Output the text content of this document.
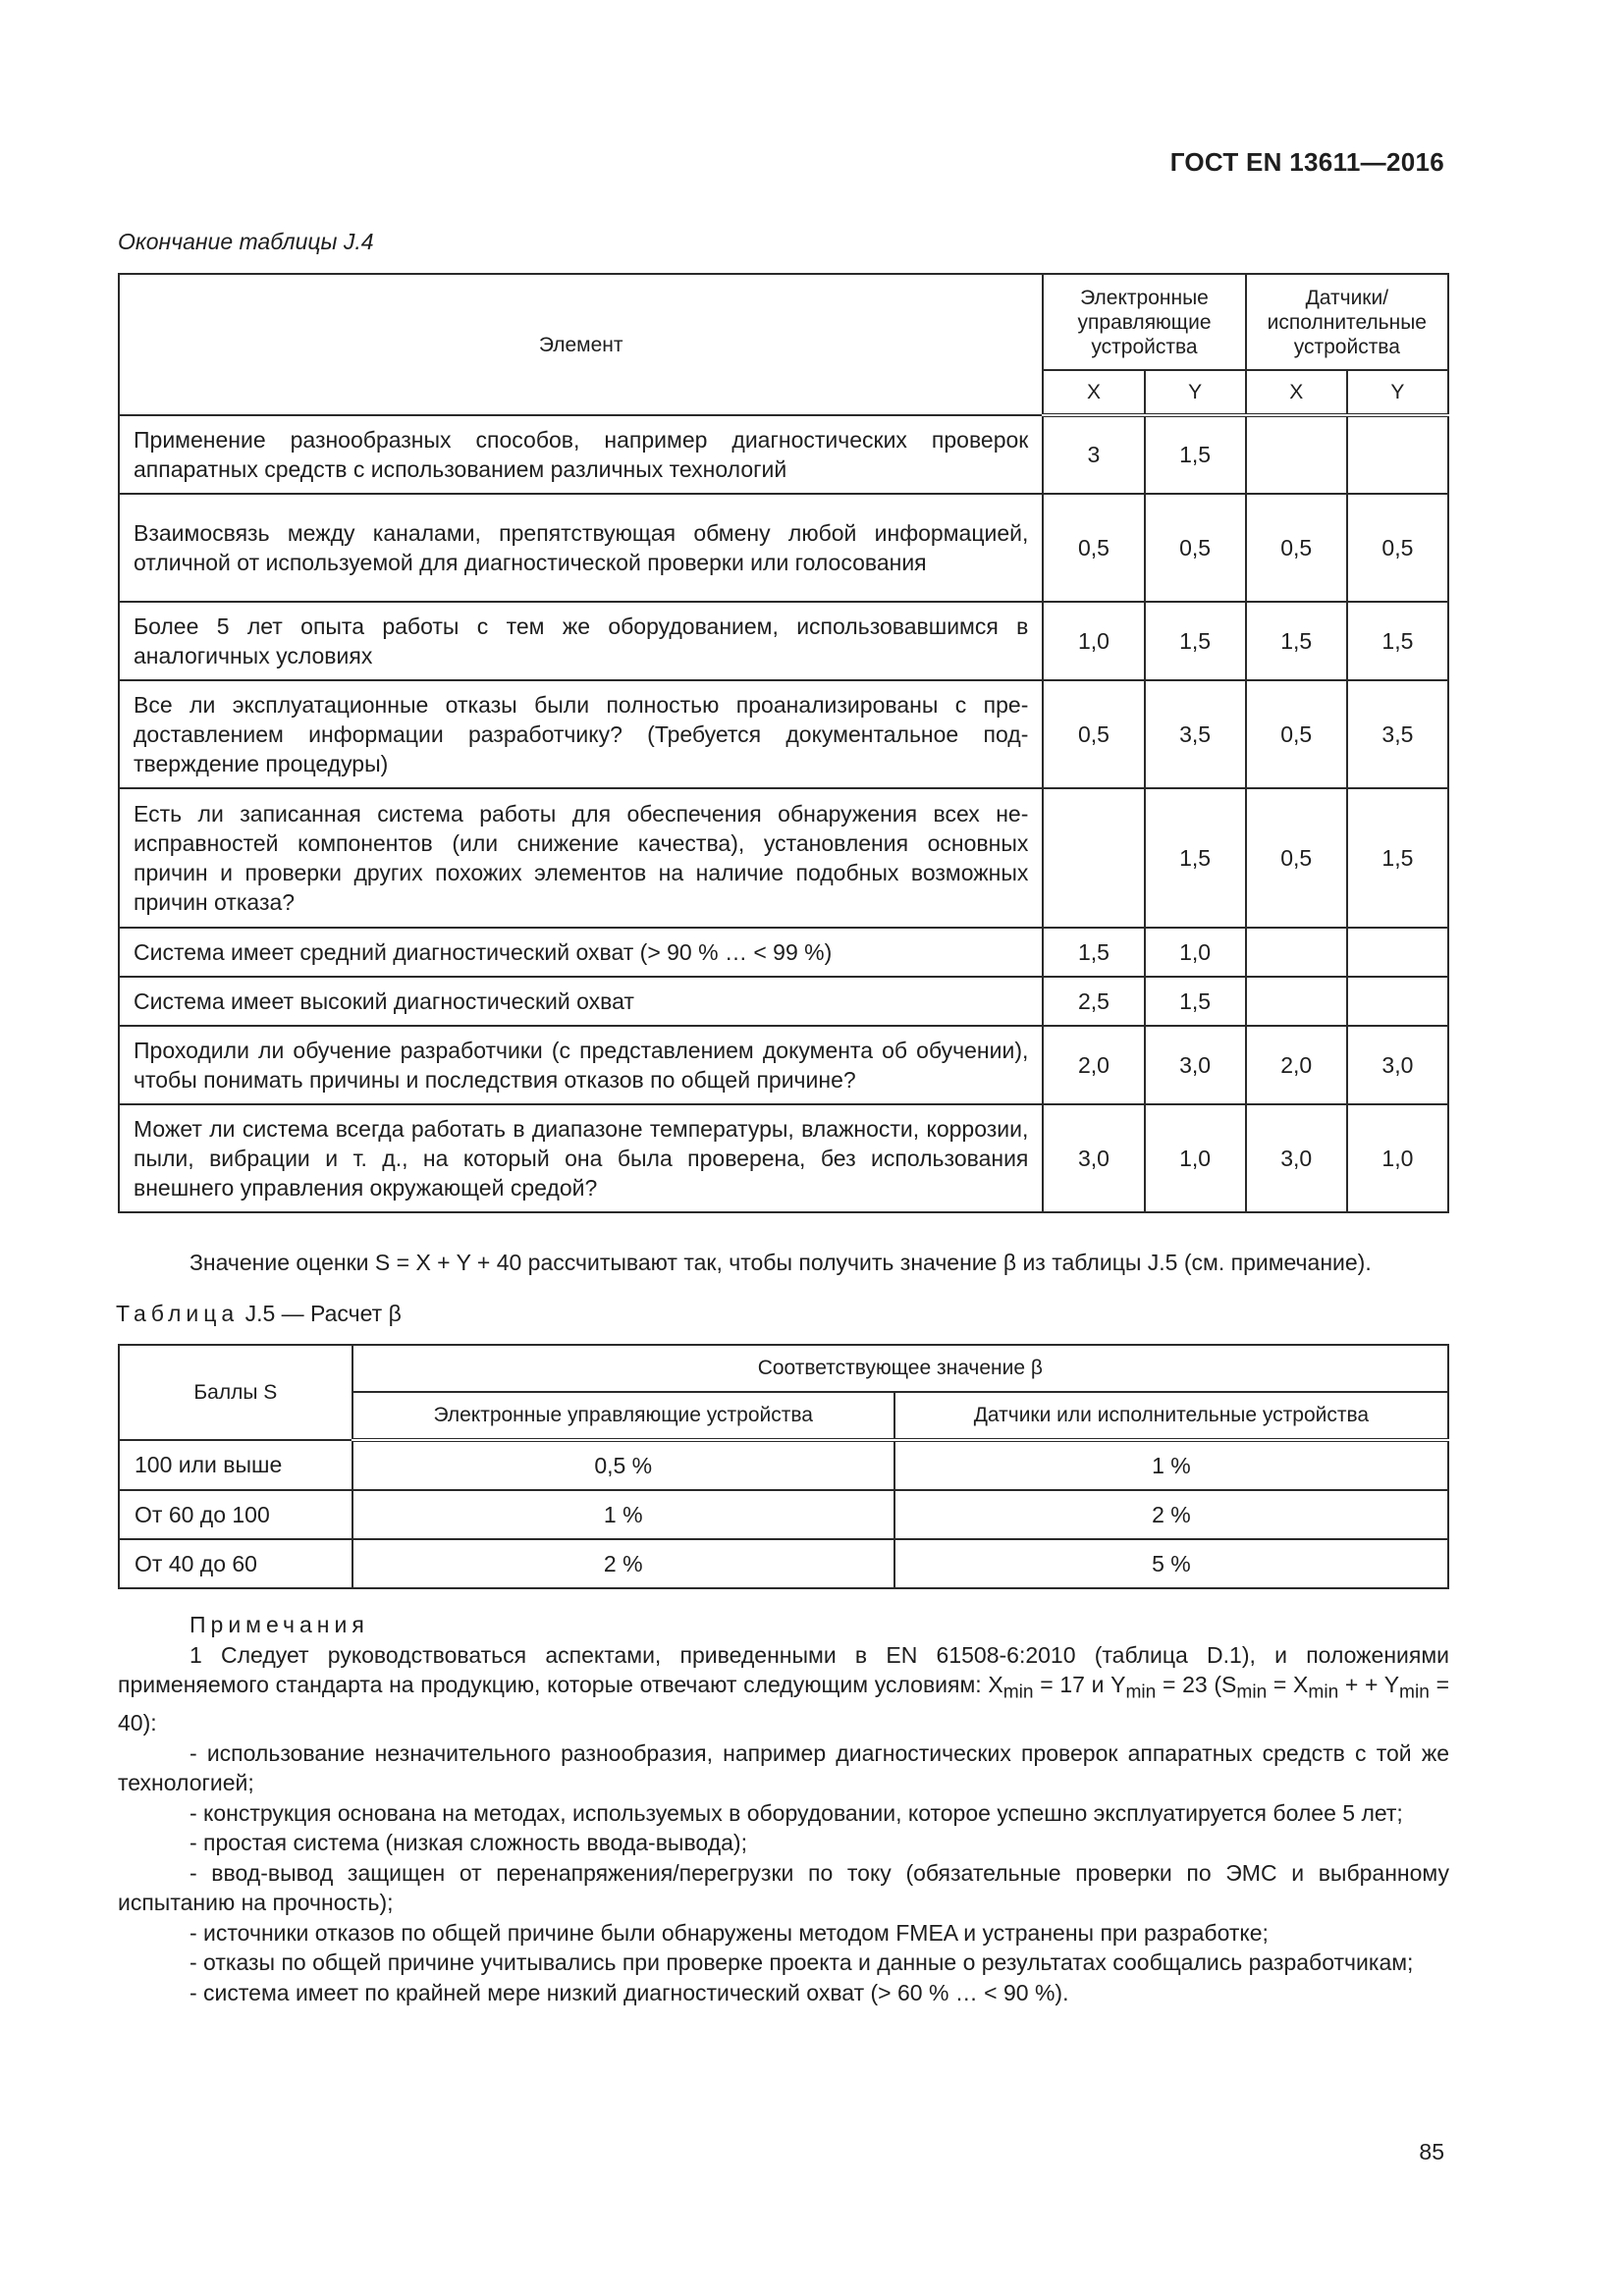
ГОСТ EN 13611—2016
Окончание таблицы J.4
Элемент	Электронные управляющие устройства		Датчики/ исполнительные устройства	
	X	Y	X	Y
Применение разнообразных способов, например диагностических проверок аппаратных средств с использованием различных технологий	3	1,5		
Взаимосвязь между каналами, препятствующая обмену любой информацией, отличной от используемой для диагностической проверки или голосования	0,5	0,5	0,5	0,5
Более 5 лет опыта работы с тем же оборудованием, использовавшимся в аналогичных условиях	1,0	1,5	1,5	1,5
Все ли эксплуатационные отказы были полностью проанализированы с предоставлением информации разработчику? (Требуется документальное подтверждение процедуры)	0,5	3,5	0,5	3,5
Есть ли записанная система работы для обеспечения обнаружения всех неисправностей компонентов (или снижение качества), установления основных причин и проверки других похожих элементов на наличие подобных возможных причин отказа?		1,5	0,5	1,5
Система имеет средний диагностический охват (> 90 % … < 99 %)	1,5	1,0		
Система имеет высокий диагностический охват	2,5	1,5		
Проходили ли обучение разработчики (с представлением документа об обучении), чтобы понимать причины и последствия отказов по общей причине?	2,0	3,0	2,0	3,0
Может ли система всегда работать в диапазоне температуры, влажности, коррозии, пыли, вибрации и т. д., на который она была проверена, без использования внешнего управления окружающей средой?	3,0	1,0	3,0	1,0
Значение оценки S = X + Y + 40 рассчитывают так, чтобы получить значение β из таблицы J.5 (см. примечание).
Таблица J.5 — Расчет β
Баллы S	Соответствующее значение β	
	Электронные управляющие устройства	Датчики или исполнительные устройства
100 или выше	0,5 %	1 %
От 60 до 100	1 %	2 %
От 40 до 60	2 %	5 %

Примечания

1 Следует руководствоваться аспектами, приведенными в EN 61508-6:2010 (таблица D.1), и положениями применяемого стандарта на продукцию, которые отвечают следующим условиям: $X_{min} = 17$ и $Y_{min} = 23$ ($S_{min} = X_{min}$ + + $Y_{min} = 40$):

- использование незначительного разнообразия, например диагностических проверок аппаратных средств с той же технологией;

- конструкция основана на методах, используемых в оборудовании, которое успешно эксплуатируется более 5 лет;

- простая система (низкая сложность ввода-вывода);

- ввод-вывод защищен от перенапряжения/перегрузки по току (обязательные проверки по ЭМС и выбранному испытанию на прочность);

- источники отказов по общей причине были обнаружены методом FMEA и устранены при разработке;

- отказы по общей причине учитывались при проверке проекта и данные о результатах сообщались разработчикам;

- система имеет по крайней мере низкий диагностический охват (> 60 % … < 90 %).

85
